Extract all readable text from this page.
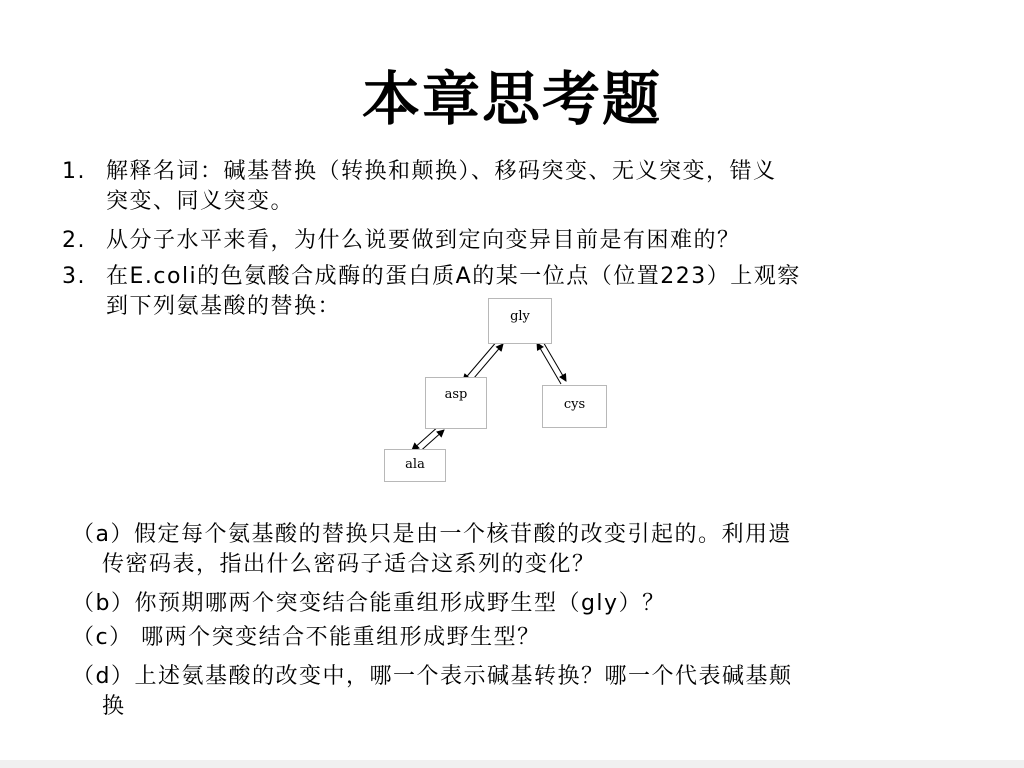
本章思考题
1. 解释名词：碱基替换（转换和颠换）、移码突变、无义突变，错义
突变、同义突变。
2. 从分子水平来看，为什么说要做到定向变异目前是有困难的？
3. 在E.coli的色氨酸合成酶的蛋白质A的某一位点（位置223）上观察
到下列氨基酸的替换：	gly
asp
cys
ala
（a）假定每个氨基酸的替换只是由一个核苷酸的改变引起的。利用遗
传密码表，指出什么密码子适合这系列的变化？
（b）你预期哪两个突变结合能重组形成野生型（gly）？
（c） 哪两个突变结合不能重组形成野生型？
（d）上述氨基酸的改变中，哪一个表示碱基转换？哪一个代表碱基颠
换
